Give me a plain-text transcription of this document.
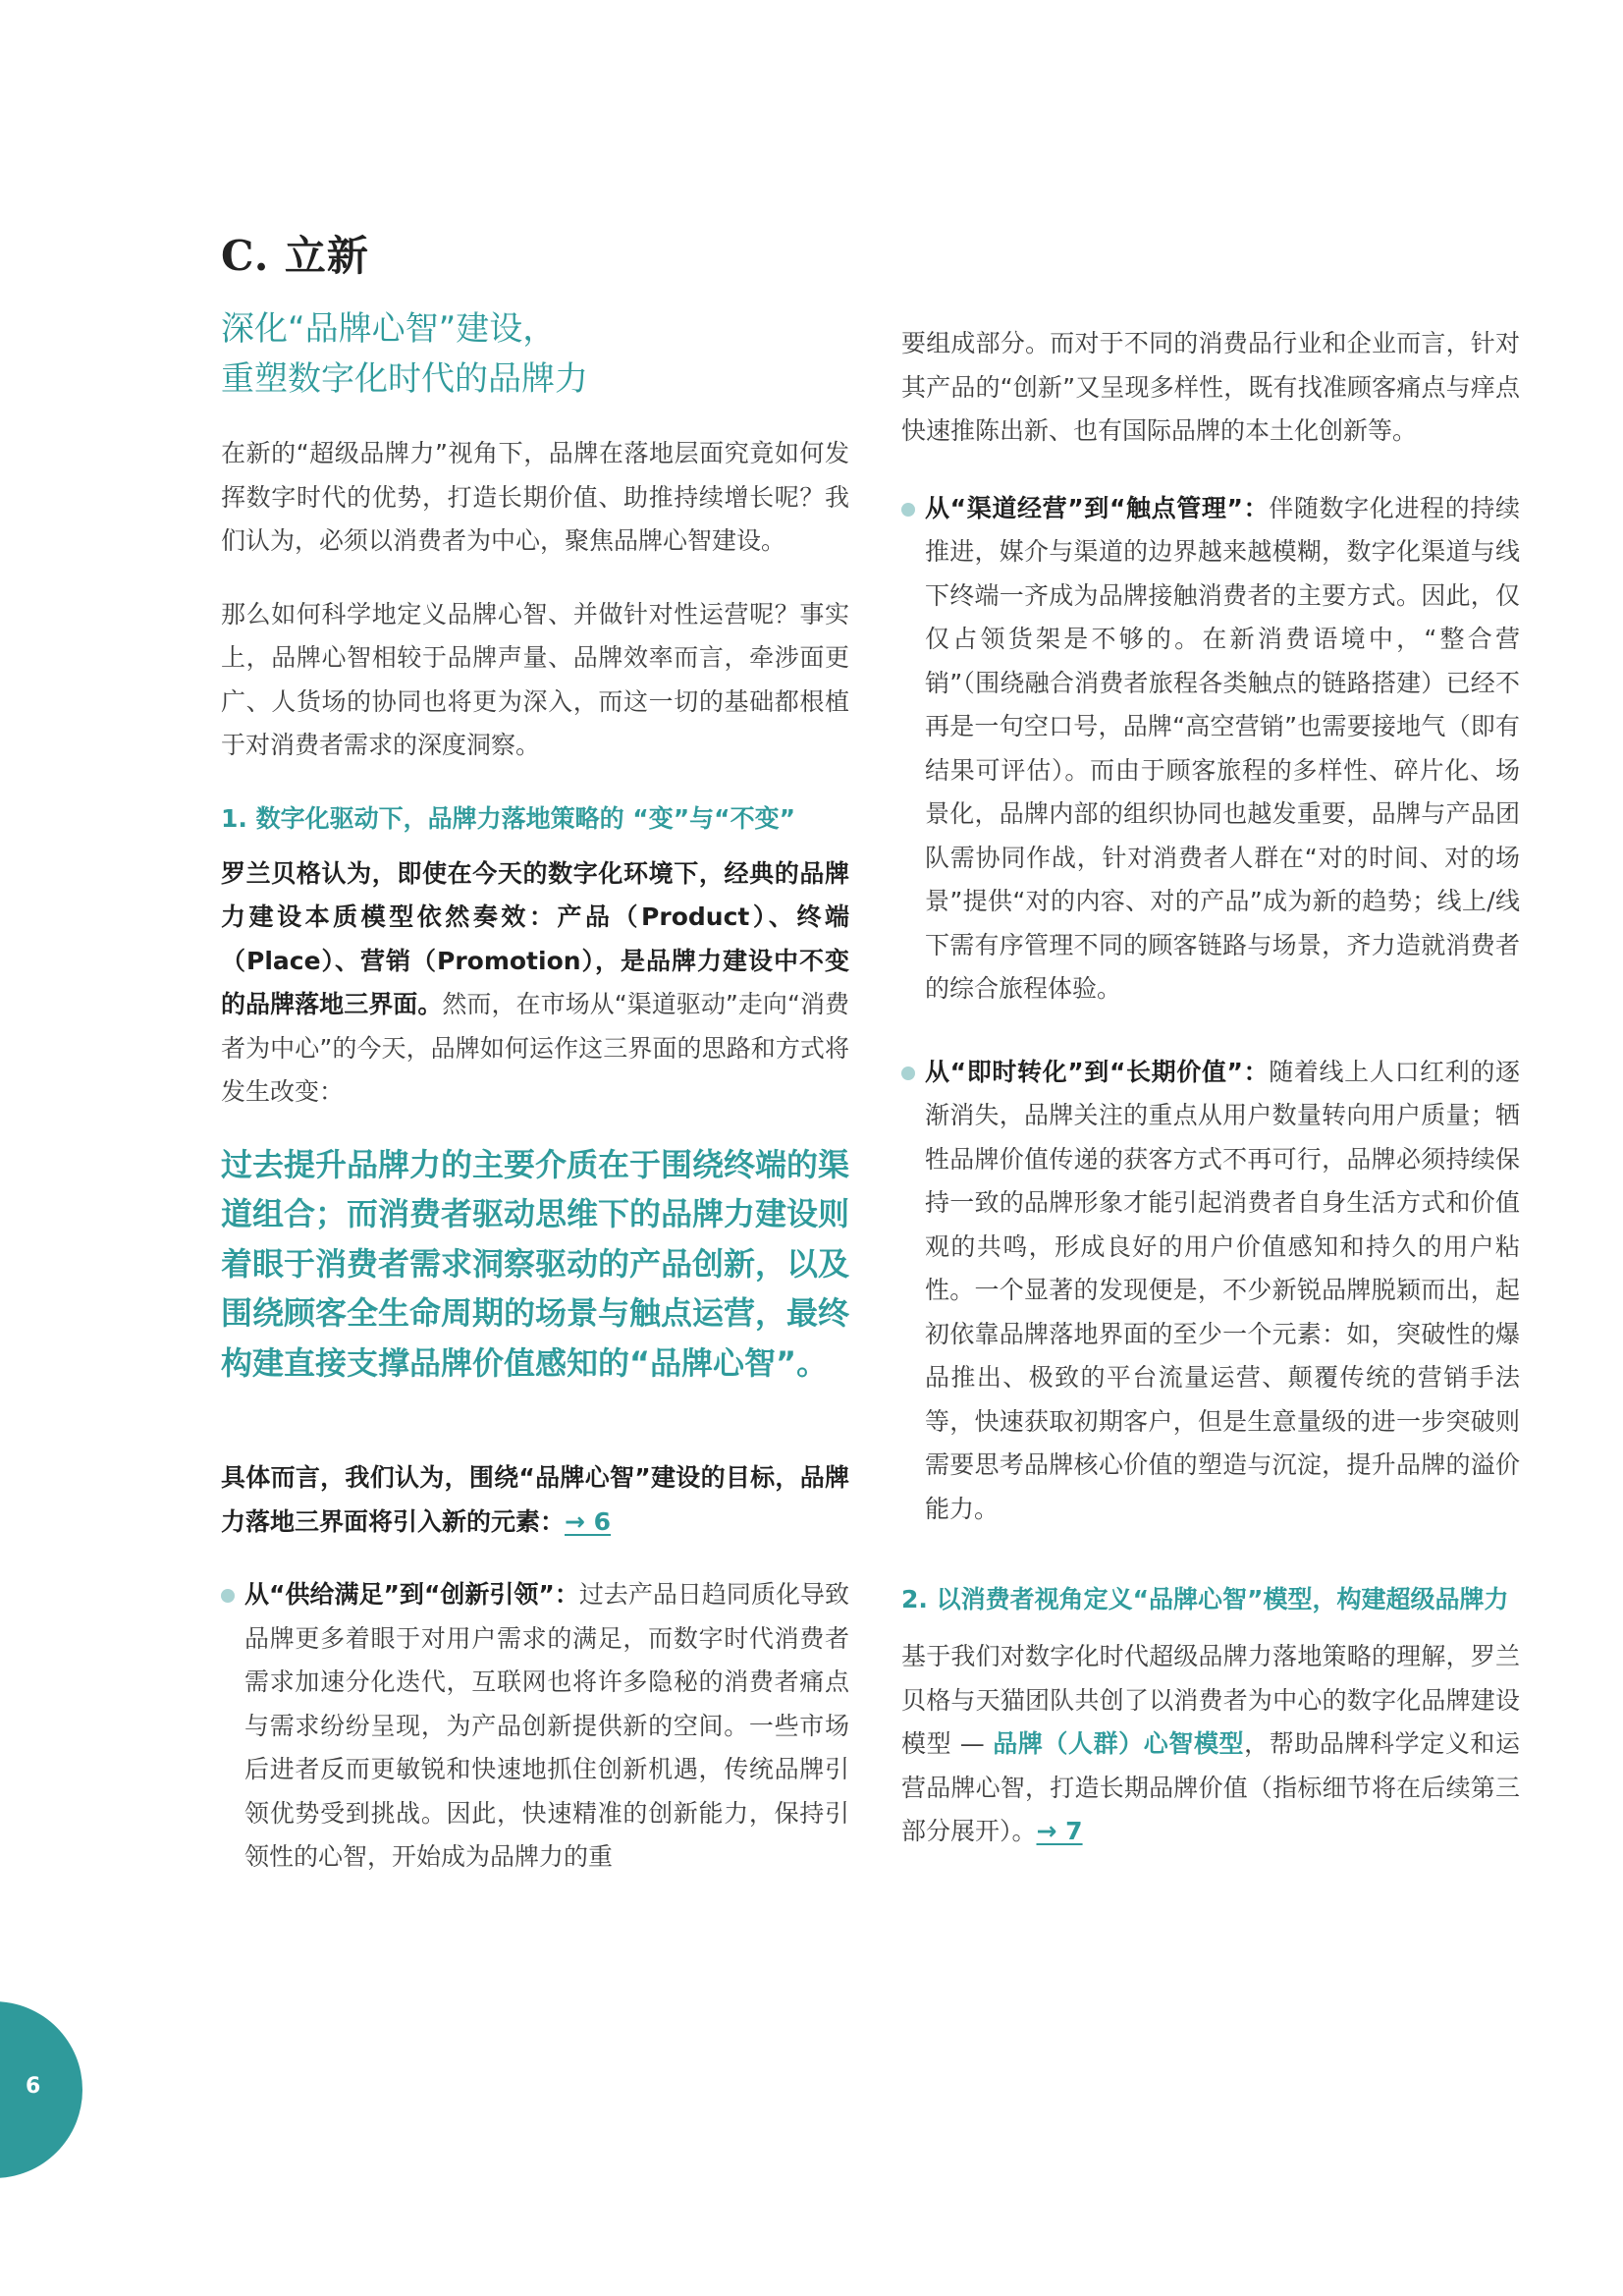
C. 立新
深化“品牌心智”建设，
重塑数字化时代的品牌力

在新的“超级品牌力”视角下，品牌在落地层面究竟如何发挥数字时代的优势，打造长期价值、助推持续增长呢？我们认为，必须以消费者为中心，聚焦品牌心智建设。

那么如何科学地定义品牌心智、并做针对性运营呢？事实上，品牌心智相较于品牌声量、品牌效率而言，牵涉面更广、人货场的协同也将更为深入，而这一切的基础都根植于对消费者需求的深度洞察。

1. 数字化驱动下，品牌力落地策略的 “变”与“不变”

罗兰贝格认为，即使在今天的数字化环境下，经典的品牌力建设本质模型依然奏效：产品（Product）、终端（Place）、营销（Promotion），是品牌力建设中不变的品牌落地三界面。然而，在市场从“渠道驱动”走向“消费者为中心”的今天，品牌如何运作这三界面的思路和方式将发生改变：

过去提升品牌力的主要介质在于围绕终端的渠道组合；而消费者驱动思维下的品牌力建设则着眼于消费者需求洞察驱动的产品创新，以及围绕顾客全生命周期的场景与触点运营，最终构建直接支撑品牌价值感知的“品牌心智”。

具体而言，我们认为，围绕“品牌心智”建设的目标，品牌力落地三界面将引入新的元素：→ 6

从“供给满足”到“创新引领”：过去产品日趋同质化导致品牌更多着眼于对用户需求的满足，而数字时代消费者需求加速分化迭代，互联网也将许多隐秘的消费者痛点与需求纷纷呈现，为产品创新提供新的空间。一些市场后进者反而更敏锐和快速地抓住创新机遇，传统品牌引领优势受到挑战。因此，快速精准的创新能力，保持引领性的心智，开始成为品牌力的重

要组成部分。而对于不同的消费品行业和企业而言，针对其产品的“创新”又呈现多样性，既有找准顾客痛点与痒点快速推陈出新、也有国际品牌的本土化创新等。

从“渠道经营”到“触点管理”：伴随数字化进程的持续推进，媒介与渠道的边界越来越模糊，数字化渠道与线下终端一齐成为品牌接触消费者的主要方式。因此，仅仅占领货架是不够的。在新消费语境中，“整合营销”（围绕融合消费者旅程各类触点的链路搭建）已经不再是一句空口号，品牌“高空营销”也需要接地气（即有结果可评估）。而由于顾客旅程的多样性、碎片化、场景化，品牌内部的组织协同也越发重要，品牌与产品团队需协同作战，针对消费者人群在“对的时间、对的场景”提供“对的内容、对的产品”成为新的趋势；线上/线下需有序管理不同的顾客链路与场景，齐力造就消费者的综合旅程体验。

从“即时转化”到“长期价值”：随着线上人口红利的逐渐消失，品牌关注的重点从用户数量转向用户质量；牺牲品牌价值传递的获客方式不再可行，品牌必须持续保持一致的品牌形象才能引起消费者自身生活方式和价值观的共鸣，形成良好的用户价值感知和持久的用户粘性。一个显著的发现便是，不少新锐品牌脱颖而出，起初依靠品牌落地界面的至少一个元素：如，突破性的爆品推出、极致的平台流量运营、颠覆传统的营销手法等，快速获取初期客户，但是生意量级的进一步突破则需要思考品牌核心价值的塑造与沉淀，提升品牌的溢价能力。

2. 以消费者视角定义“品牌心智”模型，构建超级品牌力

基于我们对数字化时代超级品牌力落地策略的理解，罗兰贝格与天猫团队共创了以消费者为中心的数字化品牌建设模型 — 品牌（人群）心智模型，帮助品牌科学定义和运营品牌心智，打造长期品牌价值（指标细节将在后续第三部分展开）。→ 7

6
